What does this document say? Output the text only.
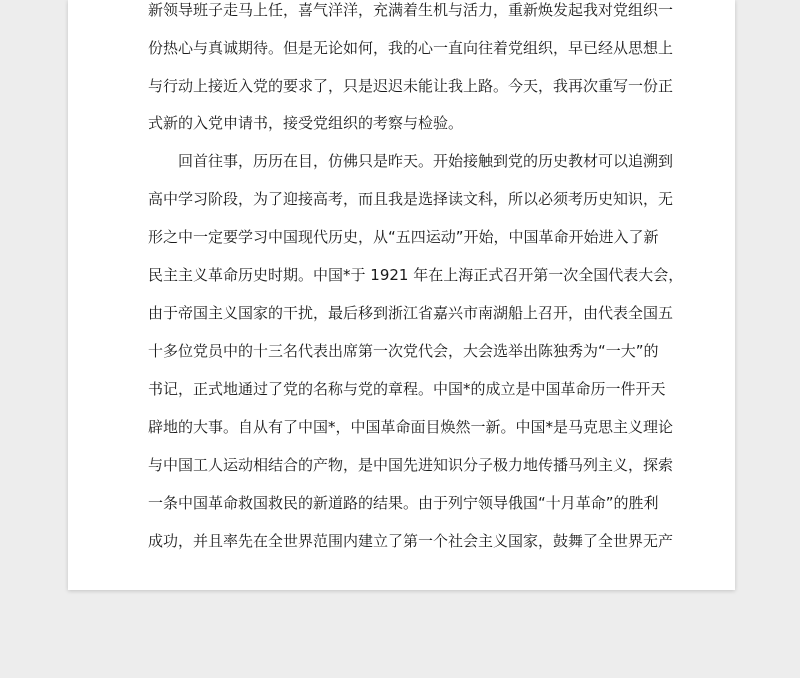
新领导班子走马上任，喜气洋洋，充满着生机与活力，重新焕发起我对党组织一
份热心与真诚期待。但是无论如何，我的心一直向往着党组织，早已经从思想上
与行动上接近入党的要求了，只是迟迟未能让我上路。今天，我再次重写一份正
式新的入党申请书，接受党组织的考察与检验。
回首往事，历历在目，仿佛只是昨天。开始接触到党的历史教材可以追溯到
高中学习阶段，为了迎接高考，而且我是选择读文科，所以必须考历史知识，无
形之中一定要学习中国现代历史，从“五四运动”开始，中国革命开始进入了新
民主主义革命历史时期。中国*于 1921 年在上海正式召开第一次全国代表大会，
由于帝国主义国家的干扰，最后移到浙江省嘉兴市南湖船上召开，由代表全国五
十多位党员中的十三名代表出席第一次党代会，大会选举出陈独秀为“一大”的
书记，正式地通过了党的名称与党的章程。中国*的成立是中国革命历一件开天
辟地的大事。自从有了中国*，中国革命面目焕然一新。中国*是马克思主义理论
与中国工人运动相结合的产物，是中国先进知识分子极力地传播马列主义，探索
一条中国革命救国救民的新道路的结果。由于列宁领导俄国“十月革命”的胜利
成功，并且率先在全世界范围内建立了第一个社会主义国家，鼓舞了全世界无产
